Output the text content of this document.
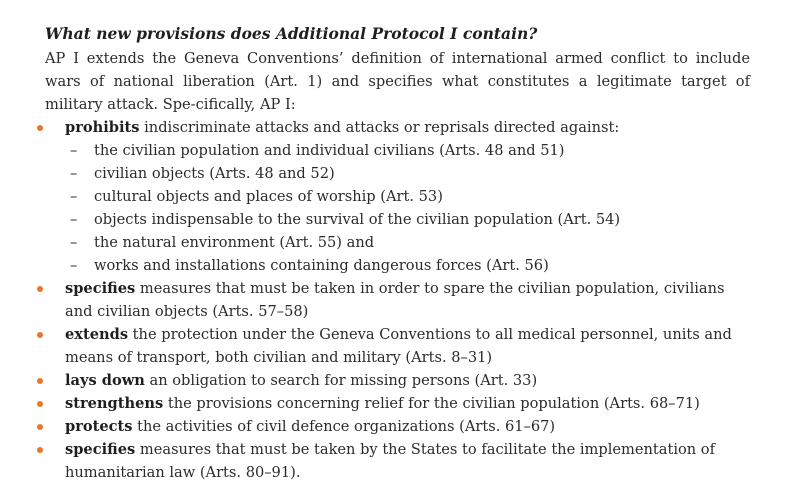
What new provisions does Additional Protocol I contain?
AP I extends the Geneva Conventions’ definition of international armed conflict to include wars of national liberation (Art. 1) and specifies what constitutes a legitimate target of military attack. Spe-cifically, AP I:
prohibits indiscriminate attacks and attacks or reprisals directed against:
– the civilian population and individual civilians (Arts. 48 and 51)
– civilian objects (Arts. 48 and 52)
– cultural objects and places of worship (Art. 53)
– objects indispensable to the survival of the civilian population (Art. 54)
– the natural environment (Art. 55) and
– works and installations containing dangerous forces (Art. 56)
specifies measures that must be taken in order to spare the civilian population, civilians and civilian objects (Arts. 57–58)
extends the protection under the Geneva Conventions to all medical personnel, units and means of transport, both civilian and military (Arts. 8–31)
lays down an obligation to search for missing persons (Art. 33)
strengthens the provisions concerning relief for the civilian population (Arts. 68–71)
protects the activities of civil defence organizations (Arts. 61–67)
specifies measures that must be taken by the States to facilitate the implementation of humanitarian law (Arts. 80–91).
